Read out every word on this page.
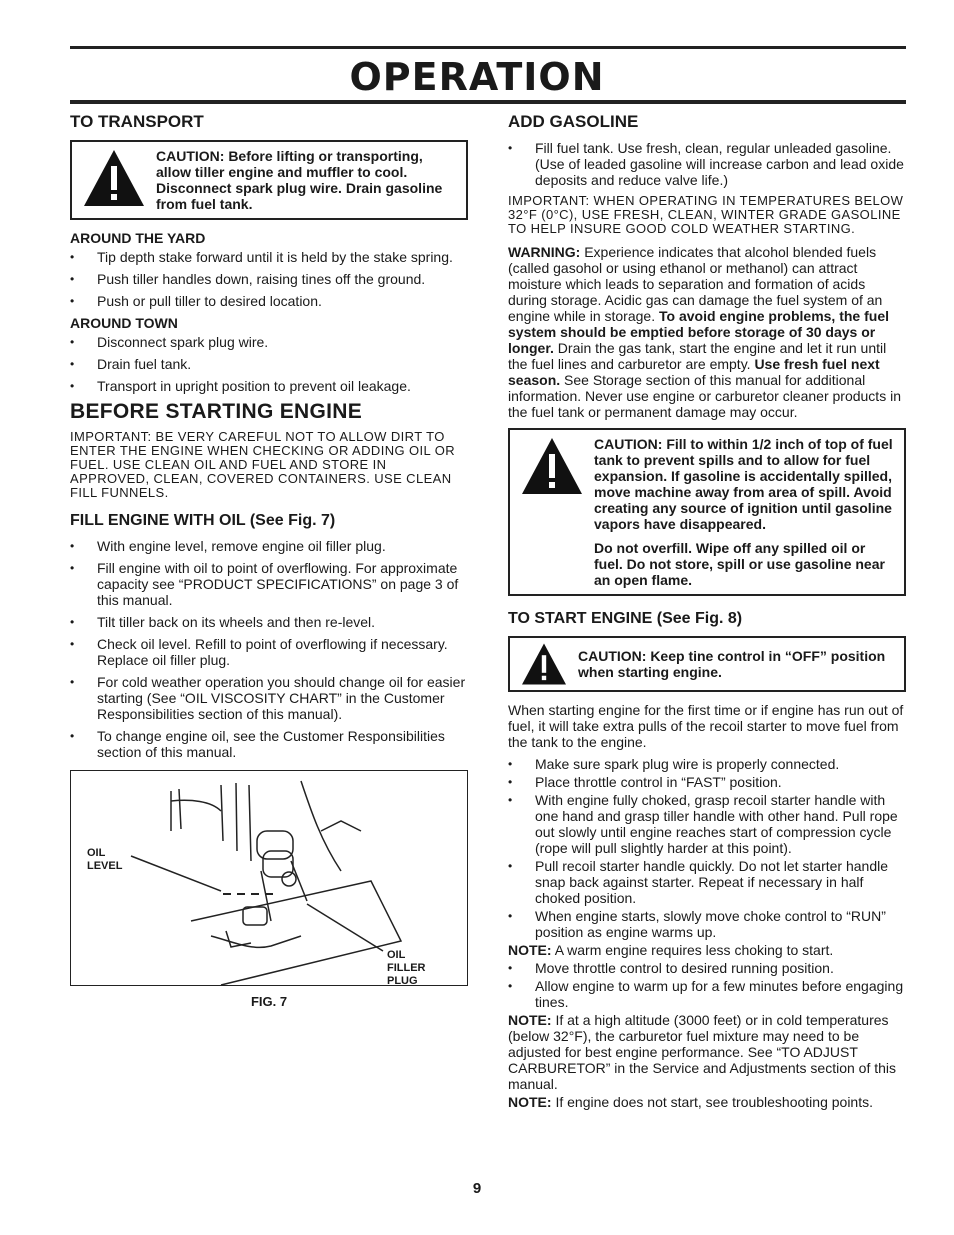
OPERATION
TO TRANSPORT

CAUTION: Before lifting or transporting, allow tiller engine and muffler to cool. Disconnect spark plug wire. Drain gasoline from fuel tank.

AROUND THE YARD
• Tip depth stake forward until it is held by the stake spring.
• Push tiller handles down, raising tines off the ground.
• Push or pull tiller to desired location.
AROUND TOWN
• Disconnect spark plug wire.
• Drain fuel tank.
• Transport in upright position to prevent oil leakage.
BEFORE STARTING ENGINE

IMPORTANT: BE VERY CAREFUL NOT TO ALLOW DIRT TO ENTER THE ENGINE WHEN CHECKING OR ADDING OIL OR FUEL. USE CLEAN OIL AND FUEL AND STORE IN APPROVED, CLEAN, COVERED CONTAINERS. USE CLEAN FILL FUNNELS.

FILL ENGINE WITH OIL (See Fig. 7)
• With engine level, remove engine oil filler plug.
• Fill engine with oil to point of overflowing. For approximate capacity see “PRODUCT SPECIFICATIONS” on page 3 of this manual.
• Tilt tiller back on its wheels and then re-level.
• Check oil level. Refill to point of overflowing if necessary. Replace oil filler plug.
• For cold weather operation you should change oil for easier starting (See “OIL VISCOSITY CHART” in the Customer Responsibilities section of this manual).
• To change engine oil, see the Customer Responsibilities section of this manual.
OIL LEVEL
OIL FILLER PLUG
FIG. 7
ADD GASOLINE
• Fill fuel tank. Use fresh, clean, regular unleaded gasoline. (Use of leaded gasoline will increase carbon and lead oxide deposits and reduce valve life.)

IMPORTANT: WHEN OPERATING IN TEMPERATURES BELOW 32°F (0°C), USE FRESH, CLEAN, WINTER GRADE GASOLINE TO HELP INSURE GOOD COLD WEATHER STARTING.

WARNING: Experience indicates that alcohol blended fuels (called gasohol or using ethanol or methanol) can attract moisture which leads to separation and formation of acids during storage. Acidic gas can damage the fuel system of an engine while in storage. To avoid engine problems, the fuel system should be emptied before storage of 30 days or longer. Drain the gas tank, start the engine and let it run until the fuel lines and carburetor are empty. Use fresh fuel next season. See Storage section of this manual for additional information. Never use engine or carburetor cleaner products in the fuel tank or permanent damage may occur.

CAUTION: Fill to within 1/2 inch of top of fuel tank to prevent spills and to allow for fuel expansion. If gasoline is accidentally spilled, move machine away from area of spill. Avoid creating any source of ignition until gasoline vapors have disappeared.

Do not overfill. Wipe off any spilled oil or fuel. Do not store, spill or use gasoline near an open flame.

TO START ENGINE (See Fig. 8)

CAUTION: Keep tine control in “OFF” position when starting engine.

When starting engine for the first time or if engine has run out of fuel, it will take extra pulls of the recoil starter to move fuel from the tank to the engine.

• Make sure spark plug wire is properly connected.
• Place throttle control in “FAST” position.
• With engine fully choked, grasp recoil starter handle with one hand and grasp tiller handle with other hand. Pull rope out slowly until engine reaches start of compression cycle (rope will pull slightly harder at this point).
• Pull recoil starter handle quickly. Do not let starter handle snap back against starter. Repeat if necessary in half choked position.
• When engine starts, slowly move choke control to “RUN” position as engine warms up.

NOTE: A warm engine requires less choking to start.

• Move throttle control to desired running position.
• Allow engine to warm up for a few minutes before engaging tines.

NOTE: If at a high altitude (3000 feet) or in cold temperatures (below 32°F), the carburetor fuel mixture may need to be adjusted for best engine performance. See “TO ADJUST CARBURETOR” in the Service and Adjustments section of this manual.

NOTE: If engine does not start, see troubleshooting points.

9
